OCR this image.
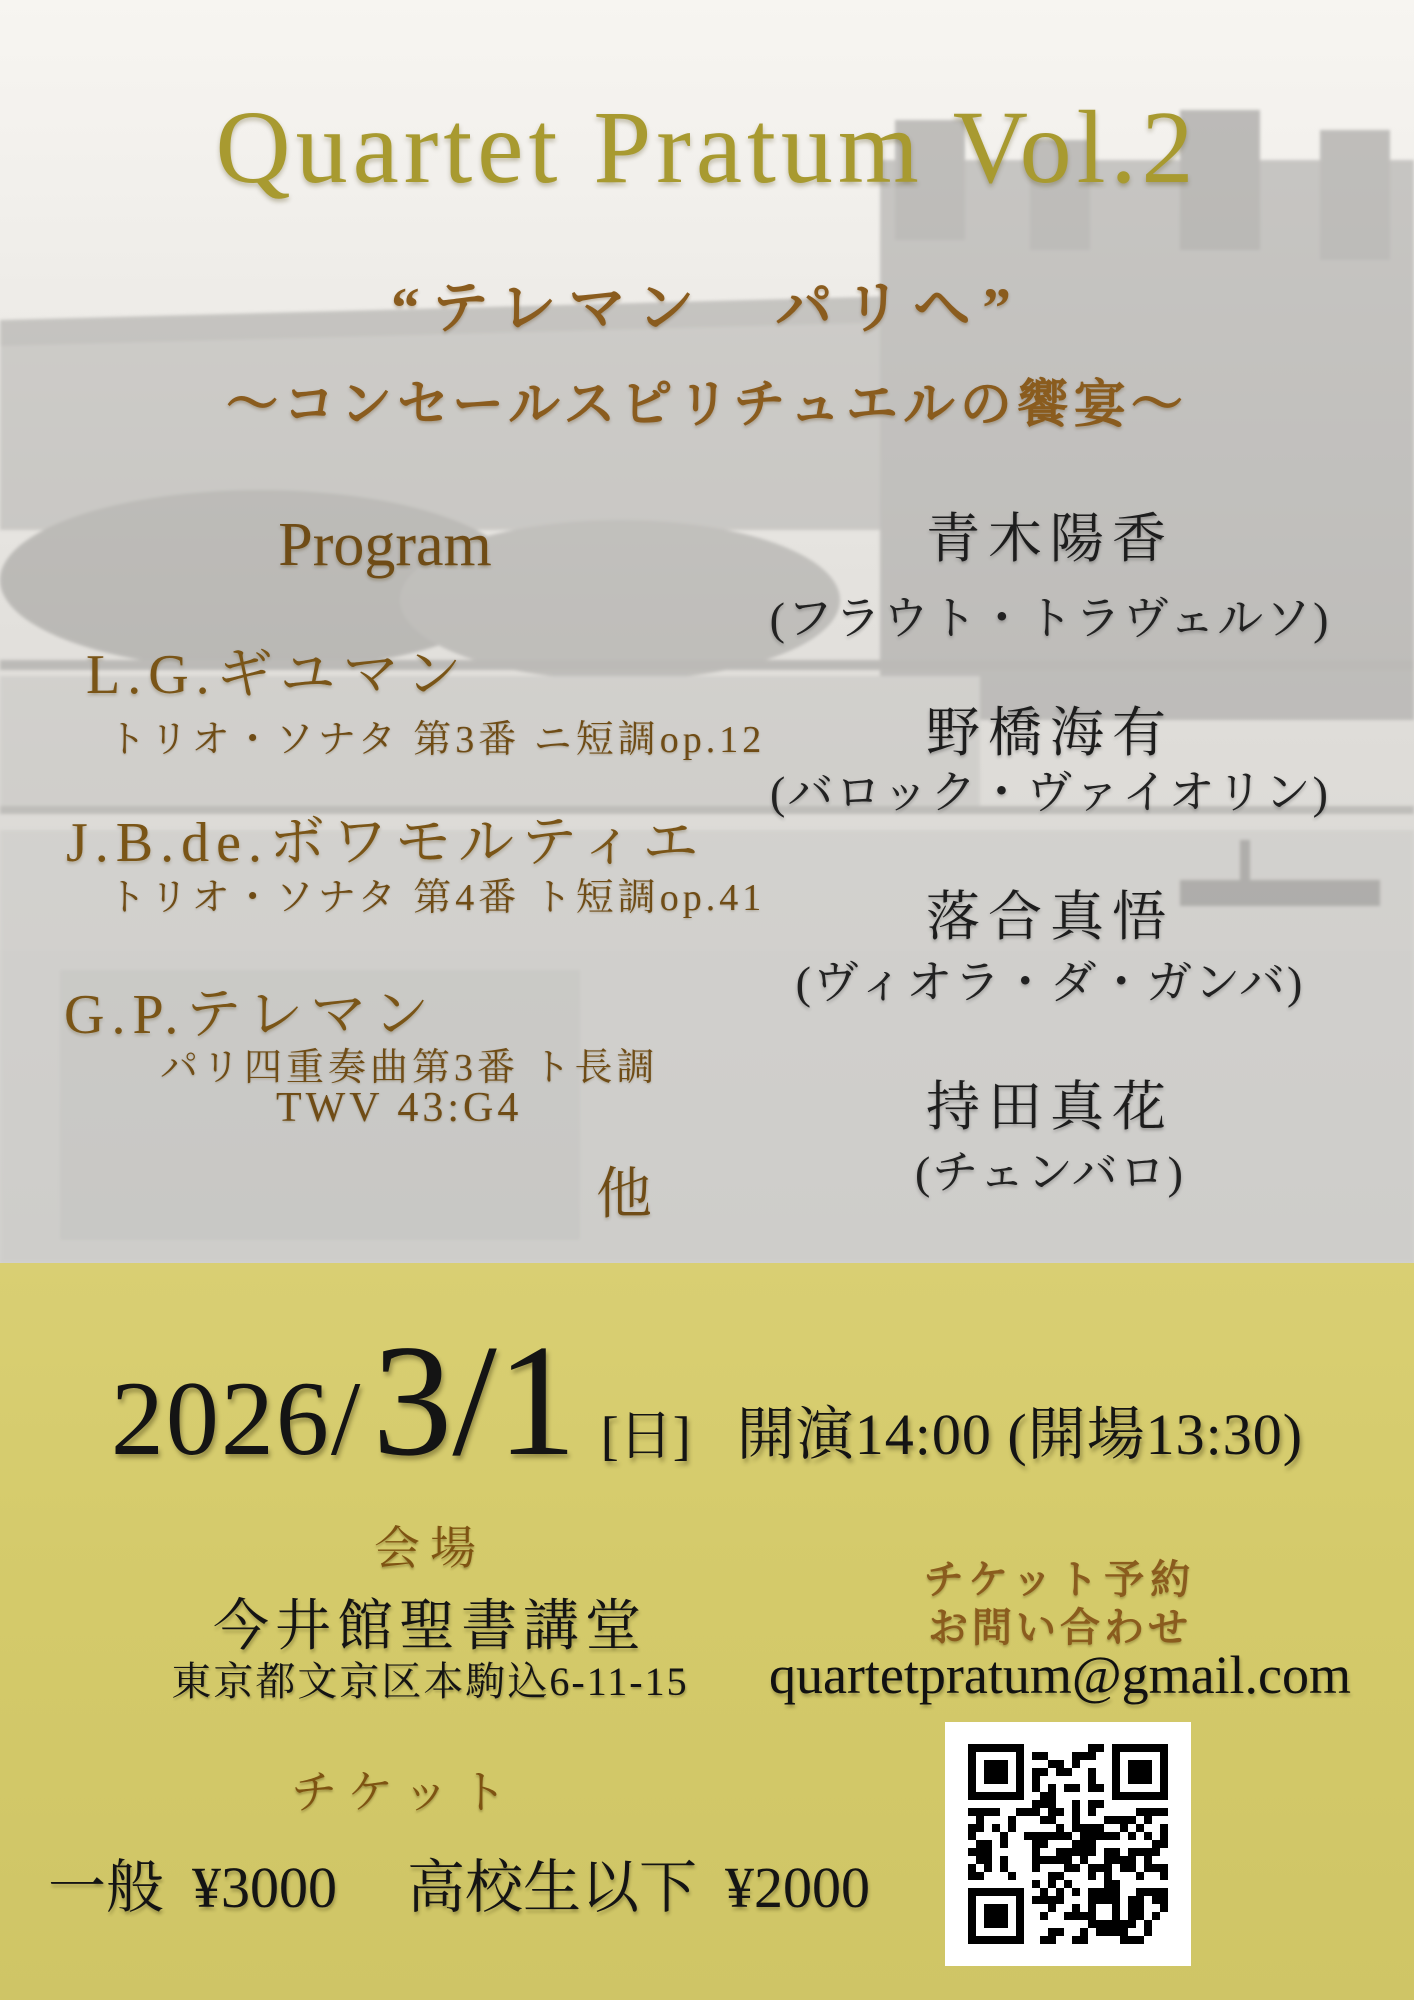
Quartet Pratum Vol.2
“テレマン　パリへ”
〜コンセールスピリチュエルの饗宴〜
Program
L.G.ギユマン
トリオ・ソナタ 第3番 ニ短調op.12
J.B.de.ボワモルティエ
トリオ・ソナタ 第4番 ト短調op.41
G.P.テレマン
パリ四重奏曲第3番 ト長調
TWV 43:G4
他
青木陽香
(フラウト・トラヴェルソ)
野橋海有
(バロック・ヴァイオリン)
落合真悟
(ヴィオラ・ダ・ガンバ)
持田真花
(チェンバロ)
2026/ 3/1 [日] 開演14:00 (開場13:30)
会場
今井館聖書講堂
東京都文京区本駒込6-11-15
チケット予約
お問い合わせ
quartetpratum@gmail.com
チケット
一般 ¥3000 高校生以下 ¥2000
